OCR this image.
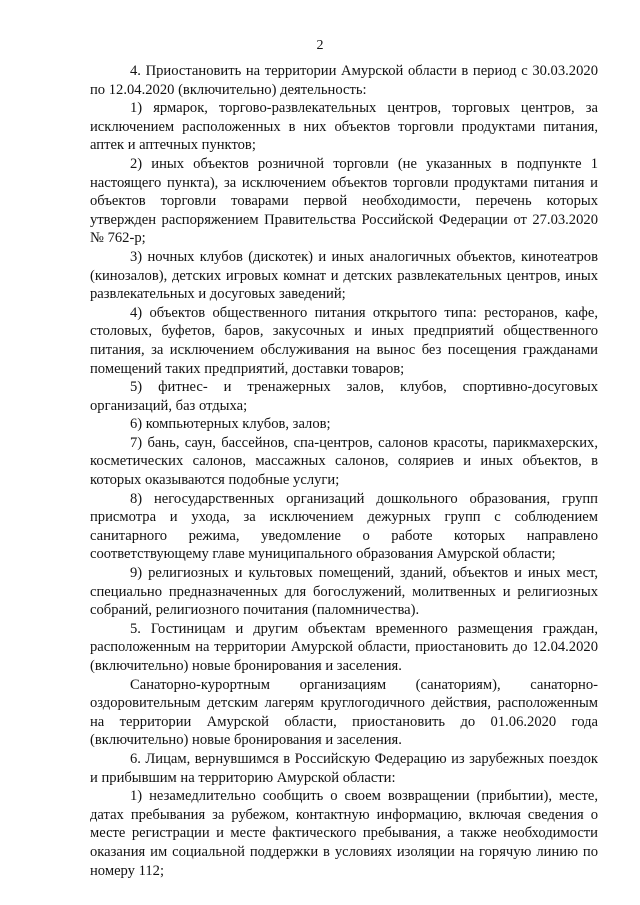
2

4. Приостановить на территории Амурской области в период с 30.03.2020 по 12.04.2020 (включительно) деятельность:

1) ярмарок, торгово-развлекательных центров, торговых центров, за исключением расположенных в них объектов торговли продуктами питания, аптек и аптечных пунктов;

2) иных объектов розничной торговли (не указанных в подпункте 1 настоящего пункта), за исключением объектов торговли продуктами питания и объектов торговли товарами первой необходимости, перечень которых утвержден распоряжением Правительства Российской Федерации от 27.03.2020 № 762-р;

3) ночных клубов (дискотек) и иных аналогичных объектов, кинотеатров (кинозалов), детских игровых комнат и детских развлекательных центров, иных развлекательных и досуговых заведений;

4) объектов общественного питания открытого типа: ресторанов, кафе, столовых, буфетов, баров, закусочных и иных предприятий общественного питания, за исключением обслуживания на вынос без посещения гражданами помещений таких предприятий, доставки товаров;

5) фитнес- и тренажерных залов, клубов, спортивно-досуговых организаций, баз отдыха;

6) компьютерных клубов, залов;

7) бань, саун, бассейнов, спа-центров, салонов красоты, парикмахерских, косметических салонов, массажных салонов, соляриев и иных объектов, в которых оказываются подобные услуги;

8) негосударственных организаций дошкольного образования, групп присмотра и ухода, за исключением дежурных групп с соблюдением санитарного режима, уведомление о работе которых направлено соответствующему главе муниципального образования Амурской области;

9) религиозных и культовых помещений, зданий, объектов и иных мест, специально предназначенных для богослужений, молитвенных и религиозных собраний, религиозного почитания (паломничества).

5. Гостиницам и другим объектам временного размещения граждан, расположенным на территории Амурской области, приостановить до 12.04.2020 (включительно) новые бронирования и заселения.

Санаторно-курортным организациям (санаториям), санаторно-оздоровительным детским лагерям круглогодичного действия, расположенным на территории Амурской области, приостановить до 01.06.2020 года (включительно) новые бронирования и заселения.

6. Лицам, вернувшимся в Российскую Федерацию из зарубежных поездок и прибывшим на территорию Амурской области:

1) незамедлительно сообщить о своем возвращении (прибытии), месте, датах пребывания за рубежом, контактную информацию, включая сведения о месте регистрации и месте фактического пребывания, а также необходимости оказания им социальной поддержки в условиях изоляции на горячую линию по номеру 112;
